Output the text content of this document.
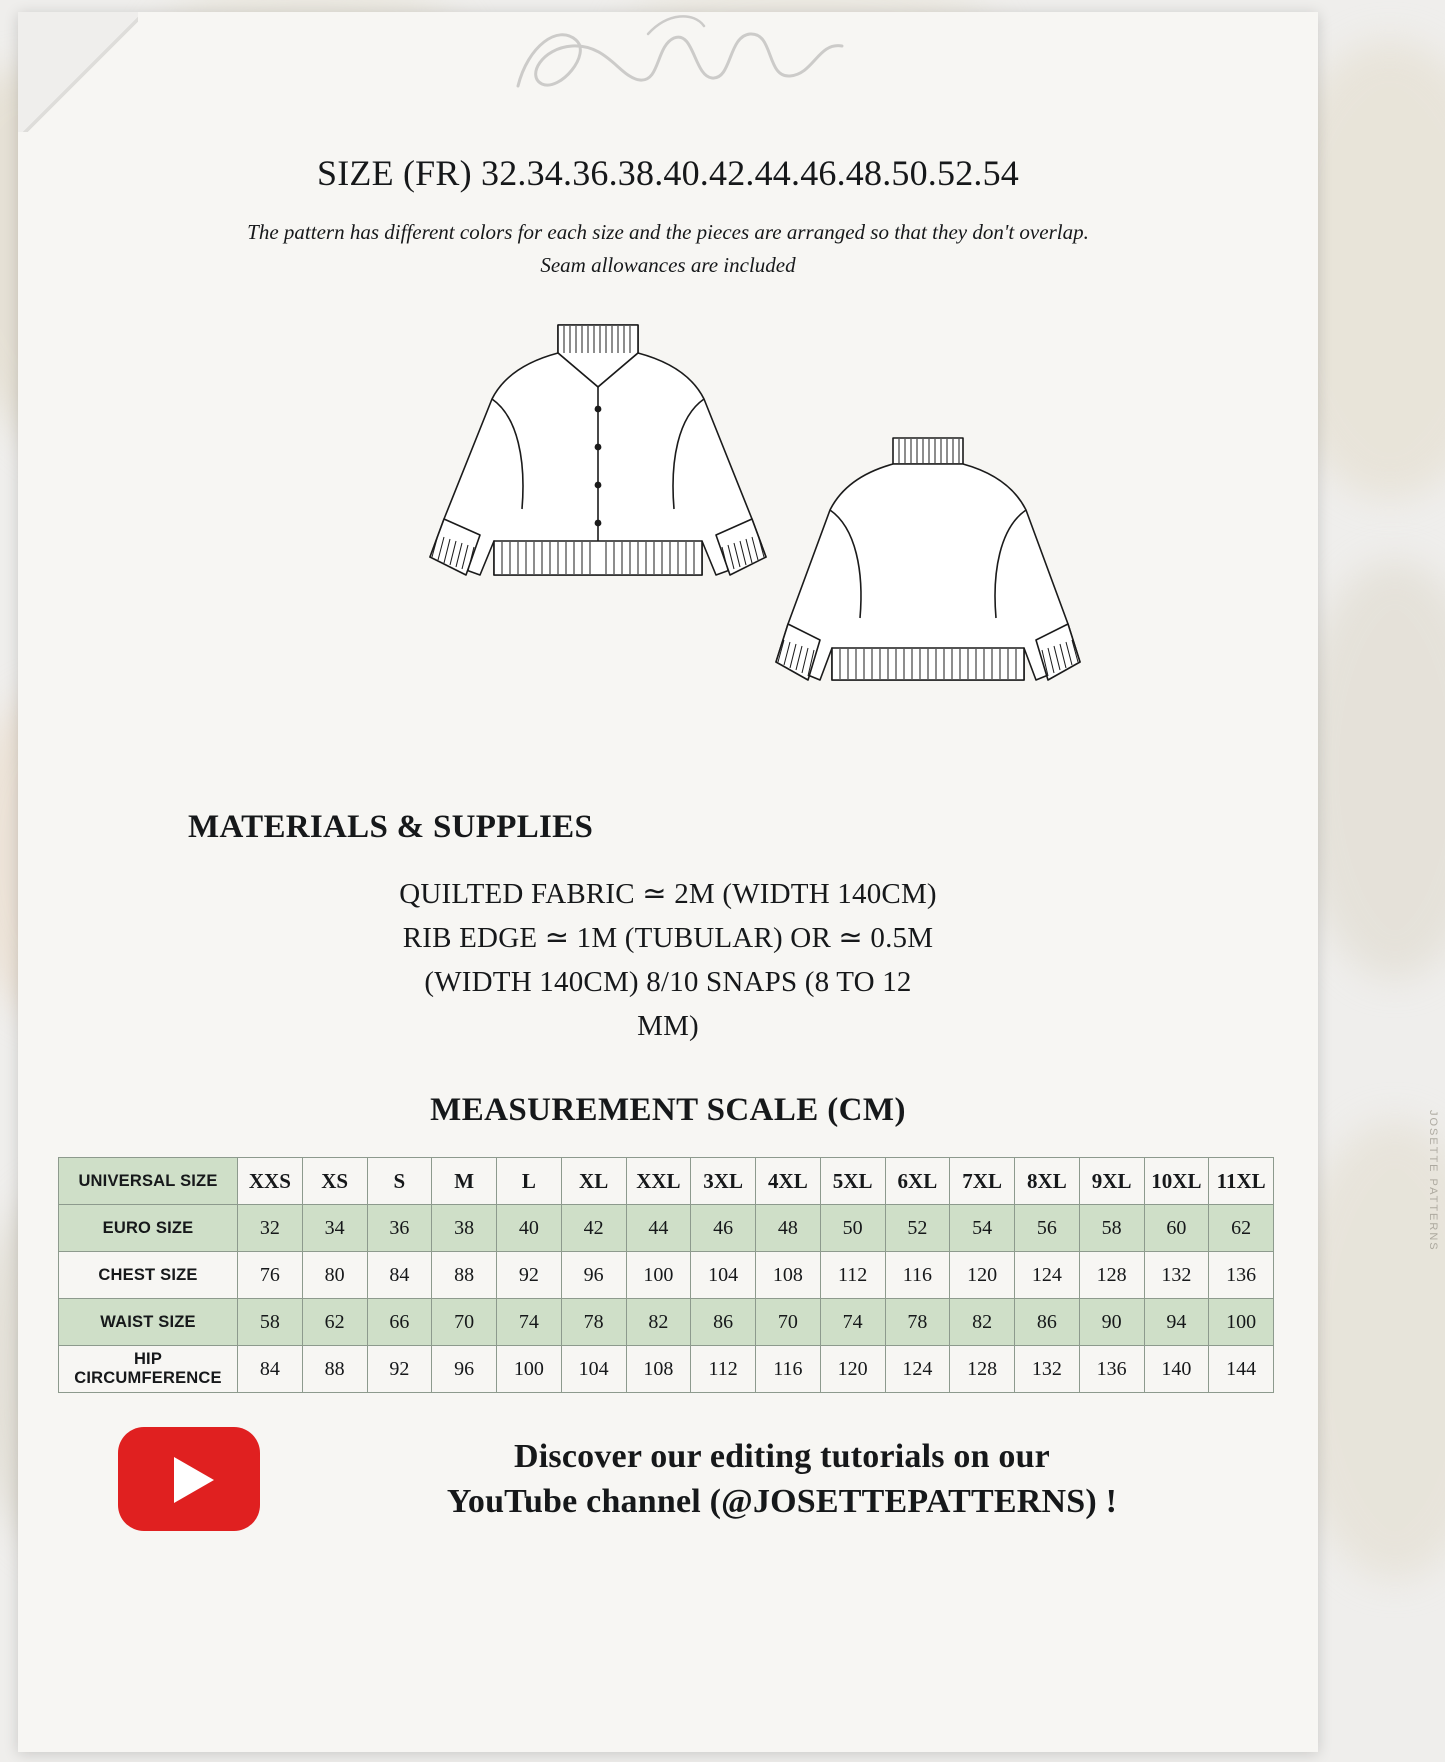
JOSETTE PATTERNS
SIZE (FR) 32.34.36.38.40.42.44.46.48.50.52.54
The pattern has different colors for each size and the pieces are arranged so that they don't overlap.
Seam allowances are included
MATERIALS & SUPPLIES
QUILTED FABRIC ≃ 2M (WIDTH 140CM)
RIB EDGE ≃ 1M (TUBULAR) OR ≃ 0.5M
(WIDTH 140CM) 8/10 SNAPS (8 TO 12
MM)
MEASUREMENT SCALE (CM)
UNIVERSAL SIZE	XXS	XS	S	M	L	XL	XXL	3XL	4XL	5XL	6XL	7XL	8XL	9XL	10XL	11XL
EURO SIZE	32	34	36	38	40	42	44	46	48	50	52	54	56	58	60	62
CHEST SIZE	76	80	84	88	92	96	100	104	108	112	116	120	124	128	132	136
WAIST SIZE	58	62	66	70	74	78	82	86	70	74	78	82	86	90	94	100
HIP CIRCUMFERENCE	84	88	92	96	100	104	108	112	116	120	124	128	132	136	140	144
Discover our editing tutorials on our
YouTube channel (@JOSETTEPATTERNS) !
